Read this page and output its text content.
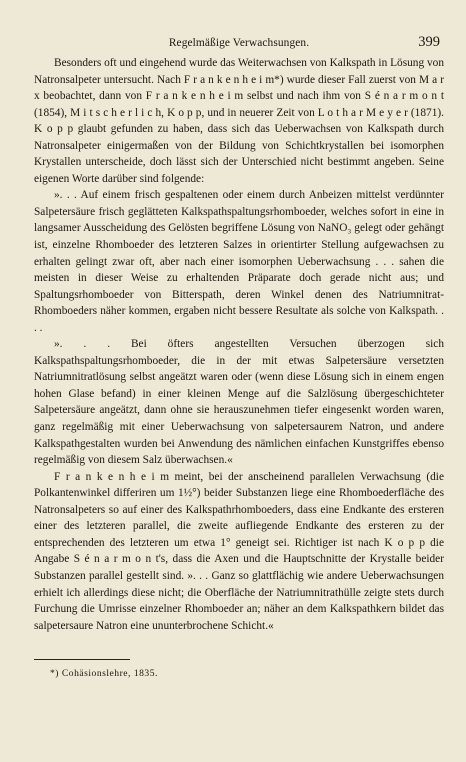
Regelmäßige Verwachsungen.	399

Besonders oft und eingehend wurde das Weiterwachsen von Kalkspath in Lösung von Natronsalpeter untersucht. Nach F r a n k e n h e i m*) wurde dieser Fall zuerst von M a r x beobachtet, dann von F r a n k e n h e i m selbst und nach ihm von S é n a r m o n t (1854), M i t s c h e r l i c h, K o p p, und in neuerer Zeit von L o t h a r M e y e r (1871). K o p p glaubt gefunden zu haben, dass sich das Ueberwachsen von Kalkspath durch Natronsalpeter einigermaßen von der Bildung von Schichtkrystallen bei isomorphen Krystallen unterscheide, doch lässt sich der Unterschied nicht bestimmt angeben. Seine eigenen Worte darüber sind folgende:

». . . Auf einem frisch gespaltenen oder einem durch Anbeizen mittelst verdünnter Salpetersäure frisch geglätteten Kalkspathspaltungsrhomboeder, welches sofort in eine in langsamer Ausscheidung des Gelösten begriffene Lösung von NaNO₃ gelegt oder gehängt ist, einzelne Rhomboeder des letzteren Salzes in orientirter Stellung aufgewachsen zu erhalten gelingt zwar oft, aber nach einer isomorphen Ueberwachsung . . . sahen die meisten in dieser Weise zu erhaltenden Präparate doch gerade nicht aus; und Spaltungsrhomboeder von Bitterspath, deren Winkel denen des Natriumnitrat-Rhomboeders näher kommen, ergaben nicht bessere Resultate als solche von Kalkspath. . . .

». . . Bei öfters angestellten Versuchen überzogen sich Kalkspathspaltungsrhomboeder, die in der mit etwas Salpetersäure versetzten Natriumnitratlösung selbst angeätzt waren oder (wenn diese Lösung sich in einem engen hohen Glase befand) in einer kleinen Menge auf die Salzlösung übergeschichteter Salpetersäure angeätzt, dann ohne sie herauszunehmen tiefer eingesenkt worden waren, ganz regelmäßig mit einer Ueberwachsung von salpetersaurem Natron, und andere Kalkspathgestalten wurden bei Anwendung des nämlichen einfachen Kunstgriffes ebenso regelmäßig von diesem Salz überwachsen.«

F r a n k e n h e i m meint, bei der anscheinend parallelen Verwachsung (die Polkantenwinkel differiren um 1½°) beider Substanzen liege eine Rhomboederfläche des Natronsalpeters so auf einer des Kalkspathrhomboeders, dass eine Endkante des ersteren einer des letzteren parallel, die zweite aufliegende Endkante des ersteren zu der entsprechenden des letzteren um etwa 1° geneigt sei. Richtiger ist nach K o p p die Angabe S é n a r m o n t's, dass die Axen und die Hauptschnitte der Krystalle beider Substanzen parallel gestellt sind. ». . . Ganz so glattflächig wie andere Ueberwachsungen erhielt ich allerdings diese nicht; die Oberfläche der Natriumnitrathülle zeigte stets durch Furchung die Umrisse einzelner Rhomboeder an; näher an dem Kalkspathkern bildet das salpetersaure Natron eine ununterbrochene Schicht.«

*) Cohäsionslehre, 1835.
